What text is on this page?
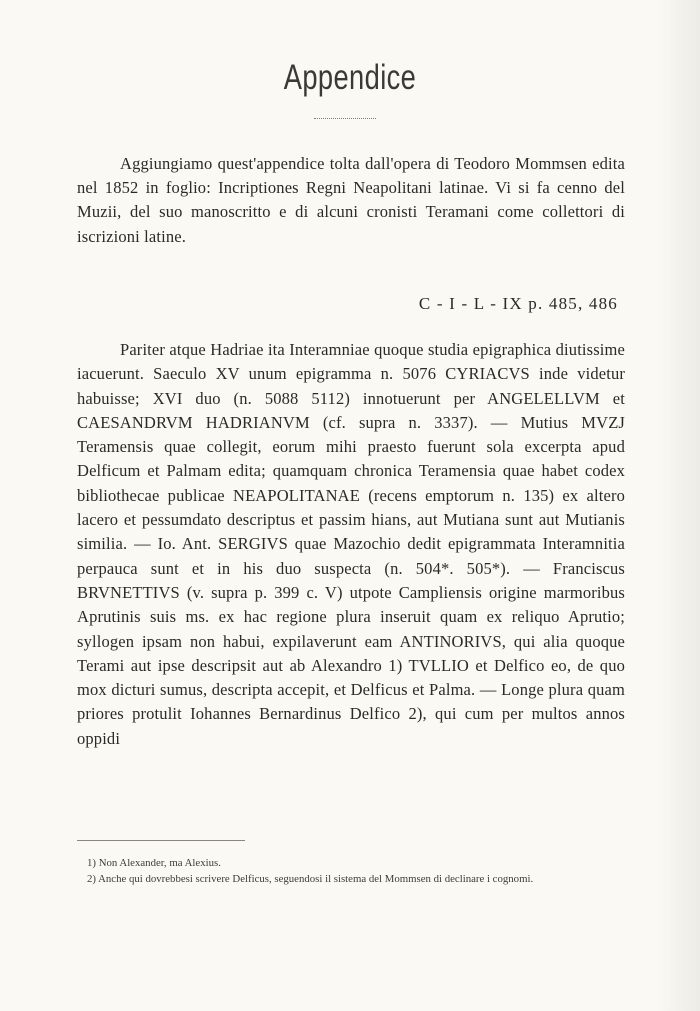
Appendice

Aggiungiamo quest'appendice tolta dall'opera di Teodoro Mommsen edita nel 1852 in foglio: Incriptiones Regni Neapolitani latinae. Vi si fa cenno del Muzii, del suo manoscritto e di alcuni cronisti Teramani come collettori di iscrizioni latine.

C - I - L - IX p. 485, 486

Pariter atque Hadriae ita Interamniae quoque studia epigraphica diutissime iacuerunt. Saeculo XV unum epigramma n. 5076 CYRIACVS inde videtur habuisse; XVI duo (n. 5088 5112) innotuerunt per ANGELELLVM et CAESANDRVM HADRIANVM (cf. supra n. 3337). — Mutius MVZJ Teramensis quae collegit, eorum mihi praesto fuerunt sola excerpta apud Delficum et Palmam edita; quamquam chronica Teramensia quae habet codex bibliothecae publicae NEAPOLITANAE (recens emptorum n. 135) ex altero lacero et pessumdato descriptus et passim hians, aut Mutiana sunt aut Mutianis similia. — Io. Ant. SERGIVS quae Mazochio dedit epigrammata Interamnitia perpauca sunt et in his duo suspecta (n. 504*. 505*). — Franciscus BRVNETTIVS (v. supra p. 399 c. V) utpote Campliensis origine marmoribus Aprutinis suis ms. ex hac regione plura inseruit quam ex reliquo Aprutio; syllogen ipsam non habui, expilaverunt eam ANTINORIVS, qui alia quoque Terami aut ipse descripsit aut ab Alexandro 1) TVLLIO et Delfico eo, de quo mox dicturi sumus, descripta accepit, et Delficus et Palma. — Longe plura quam priores protulit Iohannes Bernardinus Delfico 2), qui cum per multos annos oppidi

1) Non Alexander, ma Alexius.
2) Anche qui dovrebbesi scrivere Delficus, seguendosi il sistema del Mommsen di declinare i cognomi.
